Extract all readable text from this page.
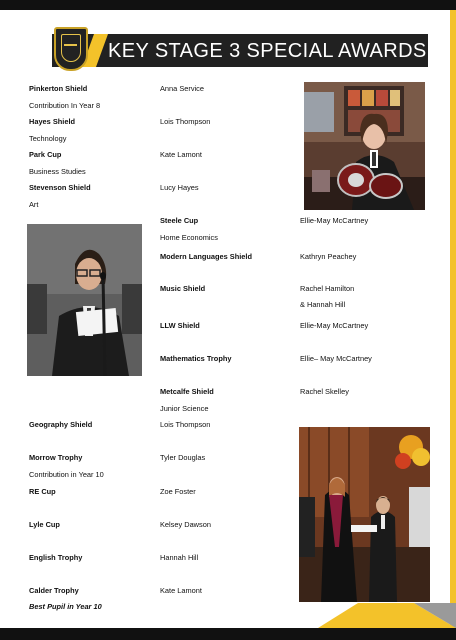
KEY STAGE 3 SPECIAL AWARDS
Pinkerton Shield	Anna Service
Contribution In Year 8
Hayes Shield	Lois Thompson
Technology
Park Cup	Kate Lamont
Business Studies
Stevenson Shield	Lucy Hayes
Art
Steele Cup	Ellie-May McCartney
Home Economics
Modern Languages Shield	Kathryn Peachey
Music Shield	Rachel Hamilton
& Hannah Hill
LLW Shield	Ellie-May McCartney
Mathematics Trophy	Ellie– May McCartney
Metcalfe Shield	Rachel Skelley
Junior Science
Geography Shield	Lois Thompson
Morrow Trophy	Tyler Douglas
Contribution in Year 10
RE Cup	Zoe Foster
Lyle Cup	Kelsey Dawson
English Trophy	Hannah Hill
Calder Trophy	Kate Lamont
Best Pupil in Year 10
